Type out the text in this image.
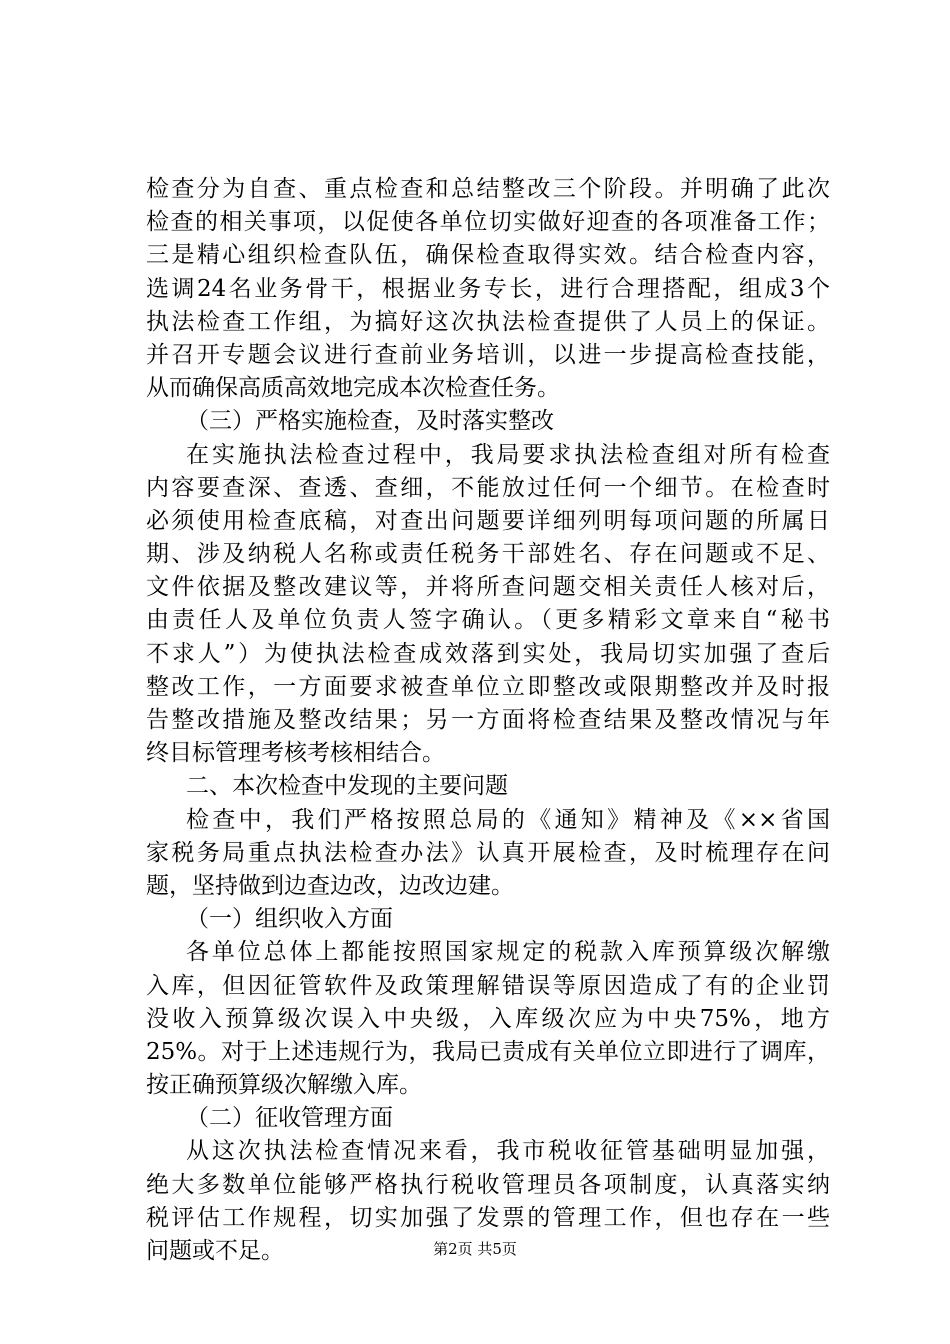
检查分为自查、重点检查和总结整改三个阶段。并明确了此次
检查的相关事项，以促使各单位切实做好迎查的各项准备工作；
三是精心组织检查队伍，确保检查取得实效。结合检查内容，
选调24名业务骨干，根据业务专长，进行合理搭配，组成3个
执法检查工作组，为搞好这次执法检查提供了人员上的保证。
并召开专题会议进行查前业务培训，以进一步提高检查技能，
从而确保高质高效地完成本次检查任务。
（三）严格实施检查，及时落实整改
在实施执法检查过程中，我局要求执法检查组对所有检查
内容要查深、查透、查细，不能放过任何一个细节。在检查时
必须使用检查底稿，对查出问题要详细列明每项问题的所属日
期、涉及纳税人名称或责任税务干部姓名、存在问题或不足、
文件依据及整改建议等，并将所查问题交相关责任人核对后，
由责任人及单位负责人签字确认。（更多精彩文章来自“秘书
不求人”）为使执法检查成效落到实处，我局切实加强了查后
整改工作，一方面要求被查单位立即整改或限期整改并及时报
告整改措施及整改结果；另一方面将检查结果及整改情况与年
终目标管理考核考核相结合。
二、本次检查中发现的主要问题
检查中，我们严格按照总局的《通知》精神及《××省国
家税务局重点执法检查办法》认真开展检查，及时梳理存在问
题，坚持做到边查边改，边改边建。
（一）组织收入方面
各单位总体上都能按照国家规定的税款入库预算级次解缴
入库，但因征管软件及政策理解错误等原因造成了有的企业罚
没收入预算级次误入中央级，入库级次应为中央75%，地方
25%。对于上述违规行为，我局已责成有关单位立即进行了调库，
按正确预算级次解缴入库。
（二）征收管理方面
从这次执法检查情况来看，我市税收征管基础明显加强，
绝大多数单位能够严格执行税收管理员各项制度，认真落实纳
税评估工作规程，切实加强了发票的管理工作，但也存在一些
问题或不足。	第2页 共5页
